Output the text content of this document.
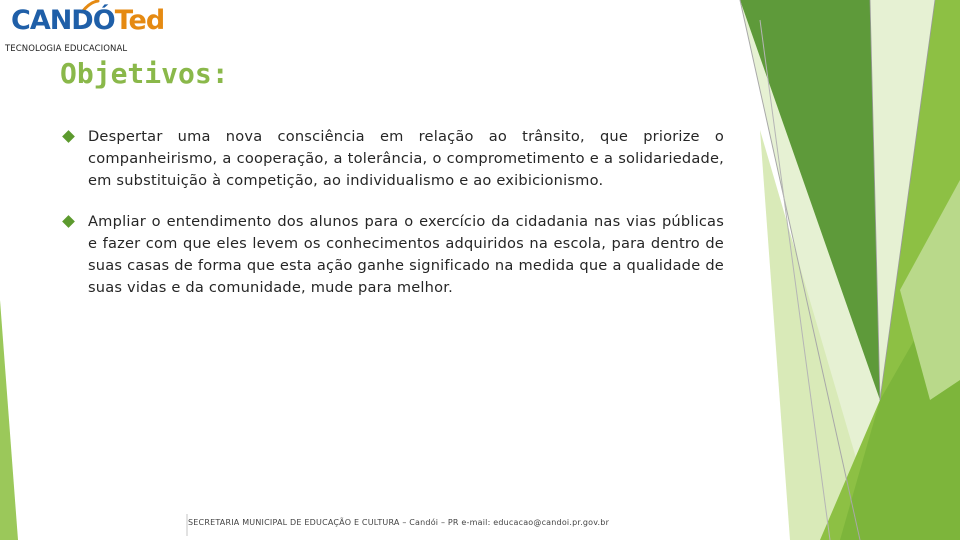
CANDÓTed
TECNOLOGIA EDUCACIONAL
Objetivos:

Despertar uma nova consciência em relação ao trânsito, que priorize o companheirismo, a cooperação, a tolerância, o comprometimento e a solidariedade, em substituição à competição, ao individualismo e ao exibicionismo.

Ampliar o entendimento dos alunos para o exercício da cidadania nas vias públicas e fazer com que eles levem os conhecimentos adquiridos na escola, para dentro de suas casas de forma que esta ação ganhe significado na medida que a qualidade de suas vidas e da comunidade, mude para melhor.

SECRETARIA MUNICIPAL DE EDUCAÇÃO E CULTURA – Candói – PR e-mail: educacao@candoi.pr.gov.br
